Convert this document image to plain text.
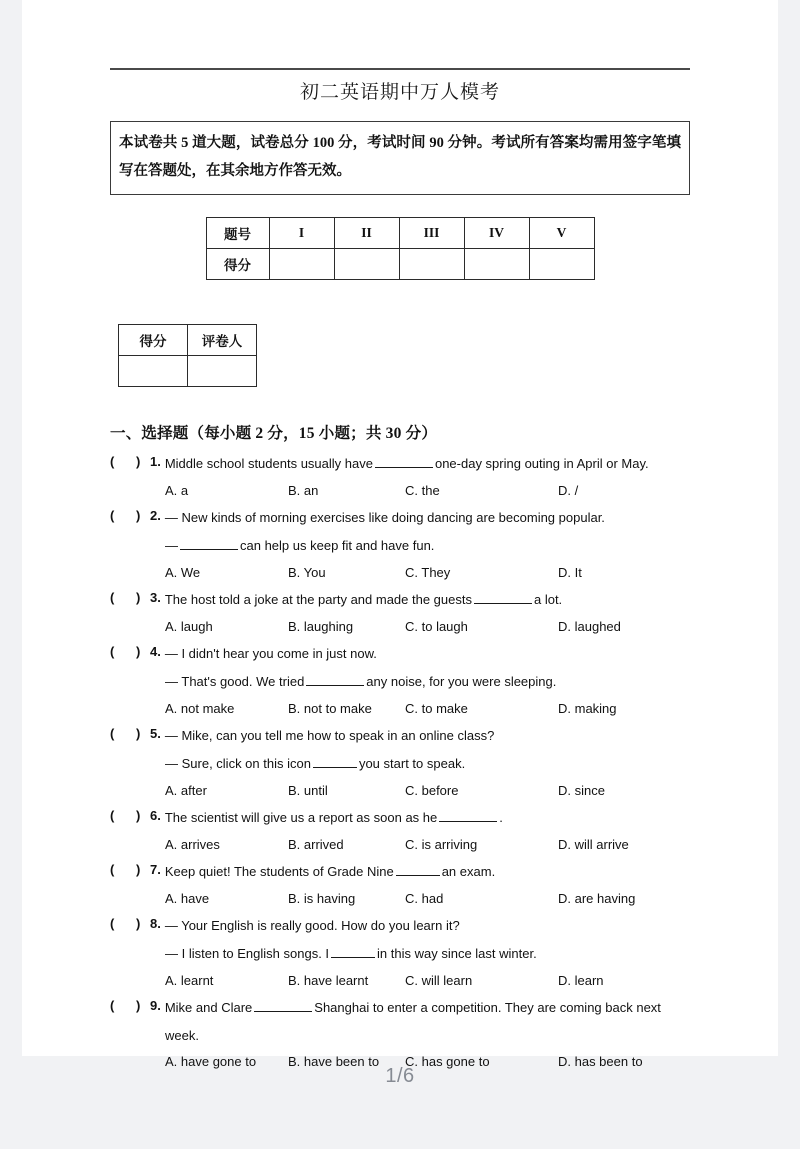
初二英语期中万人模考

本试卷共 5 道大题，试卷总分 100 分，考试时间 90 分钟。考试所有答案均需用签字笔填写在答题处，在其余地方作答无效。

题号	I	II	III	IV	V
得分					
得分	评卷人

一、选择题（每小题 2 分，15 小题；共 30 分）
(      ) 1. Middle school students usually have	one-day spring outing in April or May.
A. a	B. an	C. the	D. /
(      ) 2. — New kinds of morning exercises like doing dancing are becoming popular.
—	can help us keep fit and have fun.
A. We	B. You	C. They	D. It
(      ) 3. The host told a joke at the party and made the guests	a lot.
A. laugh	B. laughing	C. to laugh	D. laughed
(      ) 4. — I didn't hear you come in just now.
— That's good. We tried	any noise, for you were sleeping.
A. not make	B. not to make	C. to make	D. making
(      ) 5. — Mike, can you tell me how to speak in an online class?
— Sure, click on this icon	you start to speak.
A. after	B. until	C. before	D. since
(      ) 6. The scientist will give us a report as soon as he	.
A. arrives	B. arrived	C. is arriving	D. will arrive
(      ) 7. Keep quiet! The students of Grade Nine	an exam.
A. have	B. is having	C. had	D. are having
(      ) 8. — Your English is really good. How do you learn it?
— I listen to English songs. I	in this way since last winter.
A. learnt	B. have learnt	C. will learn	D. learn
(      ) 9. Mike and Clare	Shanghai to enter a competition. They are coming back next
week.
A. have gone to B. have been to C. has gone to	D. has been to
1/6
